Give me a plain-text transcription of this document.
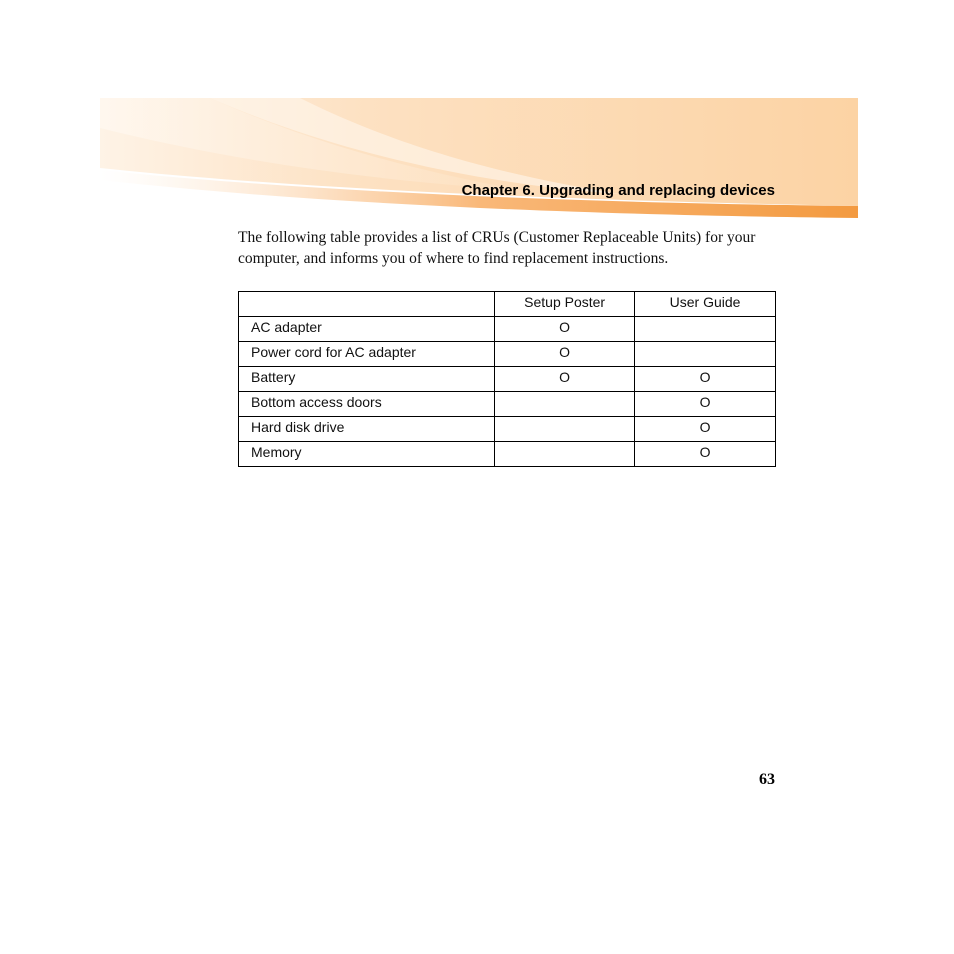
Chapter 6. Upgrading and replacing devices

The following table provides a list of CRUs (Customer Replaceable Units) for your computer, and informs you of where to find replacement instructions.

	Setup Poster	User Guide
AC adapter	O	
Power cord for AC adapter	O	
Battery	O	O
Bottom access doors		O
Hard disk drive		O
Memory		O
63
